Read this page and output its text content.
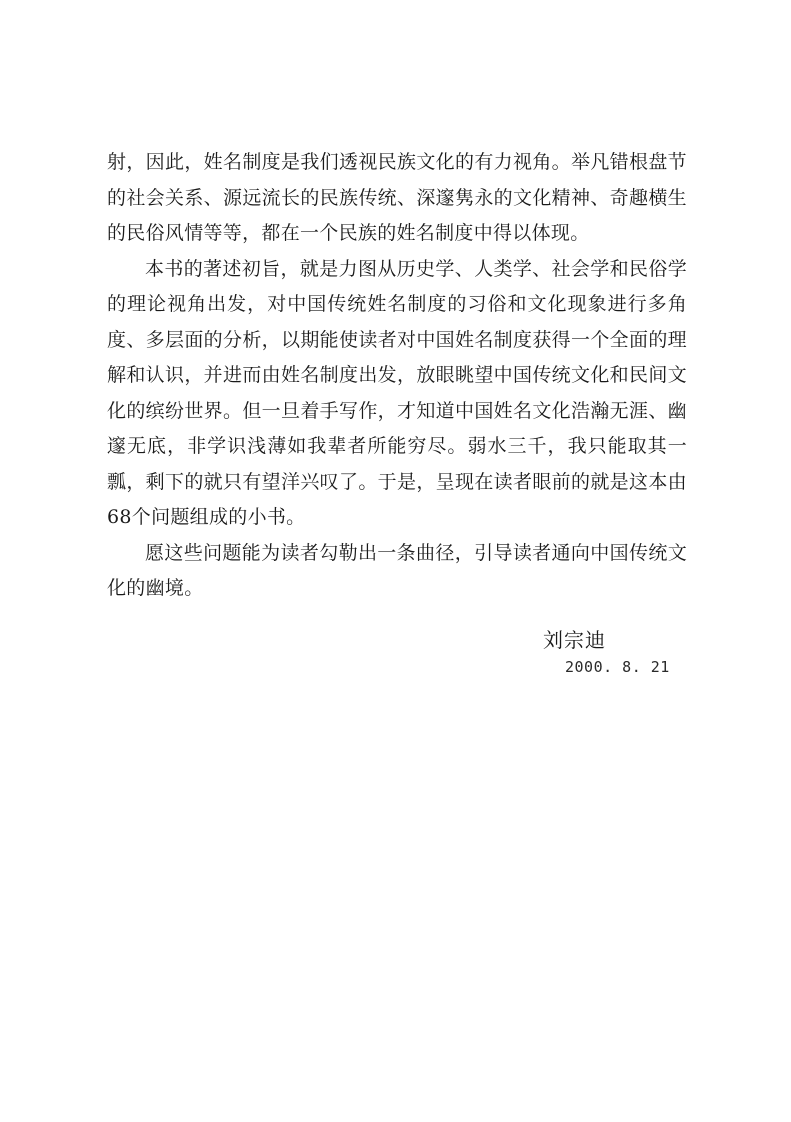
射，因此，姓名制度是我们透视民族文化的有力视角。举凡错根盘节的社会关系、源远流长的民族传统、深邃隽永的文化精神、奇趣横生的民俗风情等等，都在一个民族的姓名制度中得以体现。

本书的著述初旨，就是力图从历史学、人类学、社会学和民俗学的理论视角出发，对中国传统姓名制度的习俗和文化现象进行多角度、多层面的分析，以期能使读者对中国姓名制度获得一个全面的理解和认识，并进而由姓名制度出发，放眼眺望中国传统文化和民间文化的缤纷世界。但一旦着手写作，才知道中国姓名文化浩瀚无涯、幽邃无底，非学识浅薄如我辈者所能穷尽。弱水三千，我只能取其一瓢，剩下的就只有望洋兴叹了。于是，呈现在读者眼前的就是这本由68个问题组成的小书。

愿这些问题能为读者勾勒出一条曲径，引导读者通向中国传统文化的幽境。

刘宗迪
2000. 8. 21
